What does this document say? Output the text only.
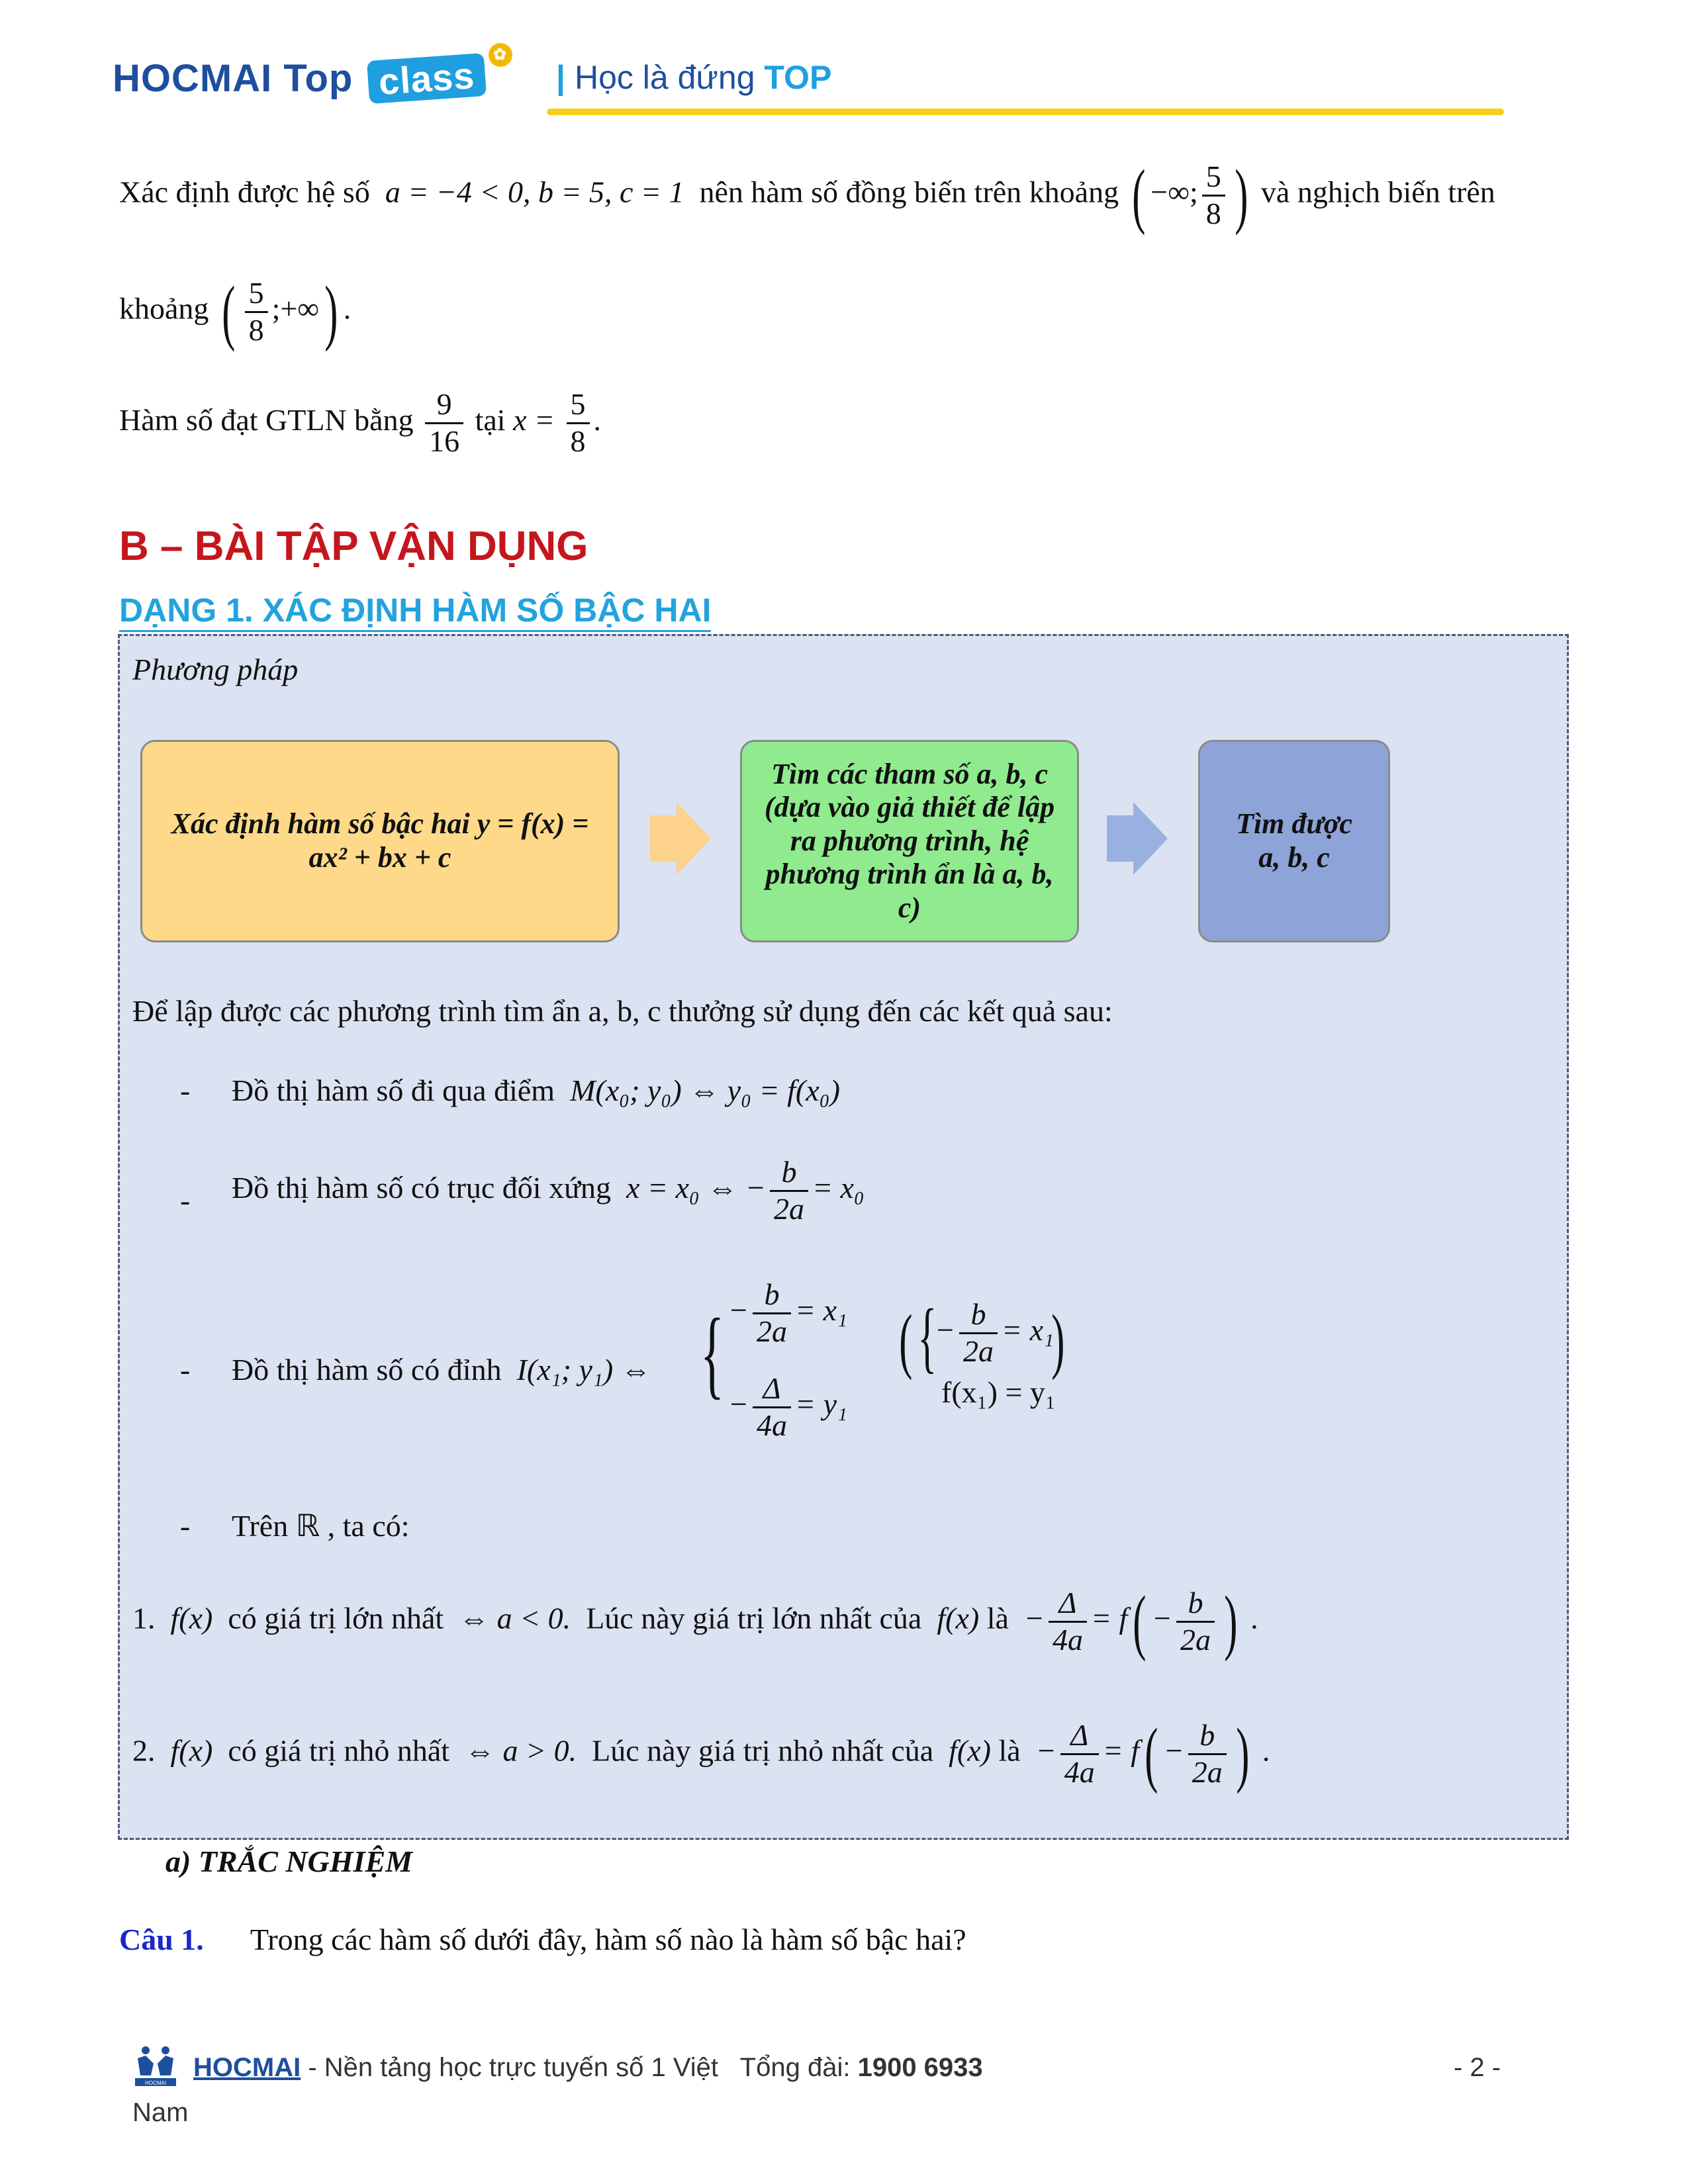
HOCMAI Top class	✿
| Học là đứng TOP
Xác định được hệ số a = −4 < 0, b = 5, c = 1 nên hàm số đồng biến trên khoảng ( −∞; $\frac{5}{8}$ ) và nghịch biến trên
khoảng ( $\frac{5}{8}$ ;+∞) .
Hàm số đạt GTLN bằng $\frac{9}{16}$ tại $x = \frac{5}{8}$ .
B – BÀI TẬP VẬN DỤNG
DẠNG 1. XÁC ĐỊNH HÀM SỐ BẬC HAI
Phương pháp
Xác định hàm số bậc hai y = f(x) = ax² + bx + c
Tìm các tham số a, b, c (dựa vào giả thiết để lập ra phương trình, hệ phương trình ẩn là a, b, c)
Tìm được a, b, c
Để lập được các phương trình tìm ẩn a, b, c thưởng sử dụng đến các kết quả sau:
- Đồ thị hàm số đi qua điểm M(x₀; y₀) ⇔ y₀ = f(x₀)
- Đồ thị hàm số có trục đối xứng x = x₀ ⇔ − $\frac{b}{2a} = x_0$
- Đồ thị hàm số có đỉnh I(x₁; y₁) ⇔ { − $\frac{b}{2a} = x_1$
− $\frac{\Delta}{4a} = y_1$
( {
− $\frac{b}{2a} = x_1$
f(x₁) = y₁
)
- Trên ℝ , ta có:
1. f(x) có giá trị lớn nhất ⇔ a < 0. Lúc này giá trị lớn nhất của f(x) là − $\frac{\Delta}{4a} = f( - \frac{b}{2a}$ ) .
2. f(x) có giá trị nhỏ nhất ⇔ a > 0. Lúc này giá trị nhỏ nhất của f(x) là − $\frac{\Delta}{4a} = f( - \frac{b}{2a}$ ) .
a) TRẮC NGHIỆM
Câu 1. Trong các hàm số dưới đây, hàm số nào là hàm số bậc hai?
HOCMAI
HOCMAI - Nền tảng học trực tuyến số 1 Việt Tổng đài: 1900 6933
Nam
- 2 -
